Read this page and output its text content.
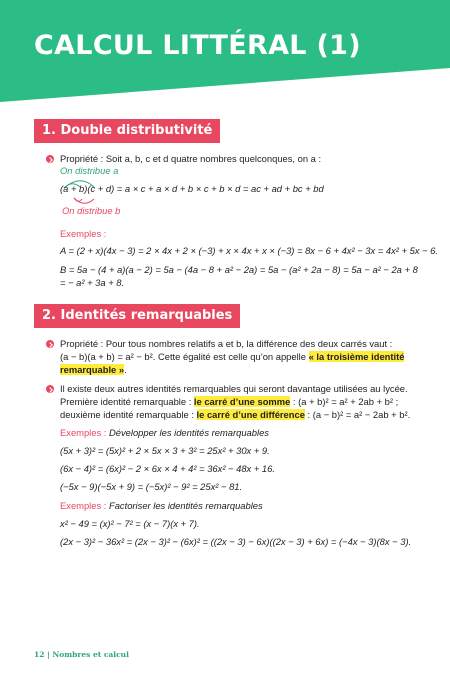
CALCUL LITTÉRAL (1)
1. Double distributivité
Propriété : Soit a, b, c et d quatre nombres quelconques, on a :
On distribue a
(a + b)(c + d) = a × c + a × d + b × c + b × d = ac + ad + bc + bd
On distribue b
Exemples :
A = (2 + x)(4x − 3) = 2 × 4x + 2 × (−3) + x × 4x + x × (−3) = 8x − 6 + 4x² − 3x = 4x² + 5x − 6.
B = 5a − (4 + a)(a − 2) = 5a − (4a − 8 + a² − 2a) = 5a − (a² + 2a − 8) = 5a − a² − 2a + 8
= − a² + 3a + 8.
2. Identités remarquables
Propriété : Pour tous nombres relatifs a et b, la différence des deux carrés vaut :
(a − b)(a + b) = a² − b². Cette égalité est celle qu’on appelle « la troisième identité
remarquable ».
Il existe deux autres identités remarquables qui seront davantage utilisées au lycée.
Première identité remarquable : le carré d’une somme : (a + b)² = a² + 2ab + b² ;
deuxième identité remarquable : le carré d’une différence : (a − b)² = a² − 2ab + b².
Exemples : Développer les identités remarquables
(5x + 3)² = (5x)² + 2 × 5x × 3 + 3² = 25x² + 30x + 9.
(6x − 4)² = (6x)² − 2 × 6x × 4 + 4² = 36x² − 48x + 16.
(−5x − 9)(−5x + 9) = (−5x)² − 9² = 25x² − 81.
Exemples : Factoriser les identités remarquables
x² − 49 = (x)² − 7² = (x − 7)(x + 7).
(2x − 3)² − 36x² = (2x − 3)² − (6x)² = ((2x − 3) − 6x)((2x − 3) + 6x) = (−4x − 3)(8x − 3).
12 | Nombres et calcul
